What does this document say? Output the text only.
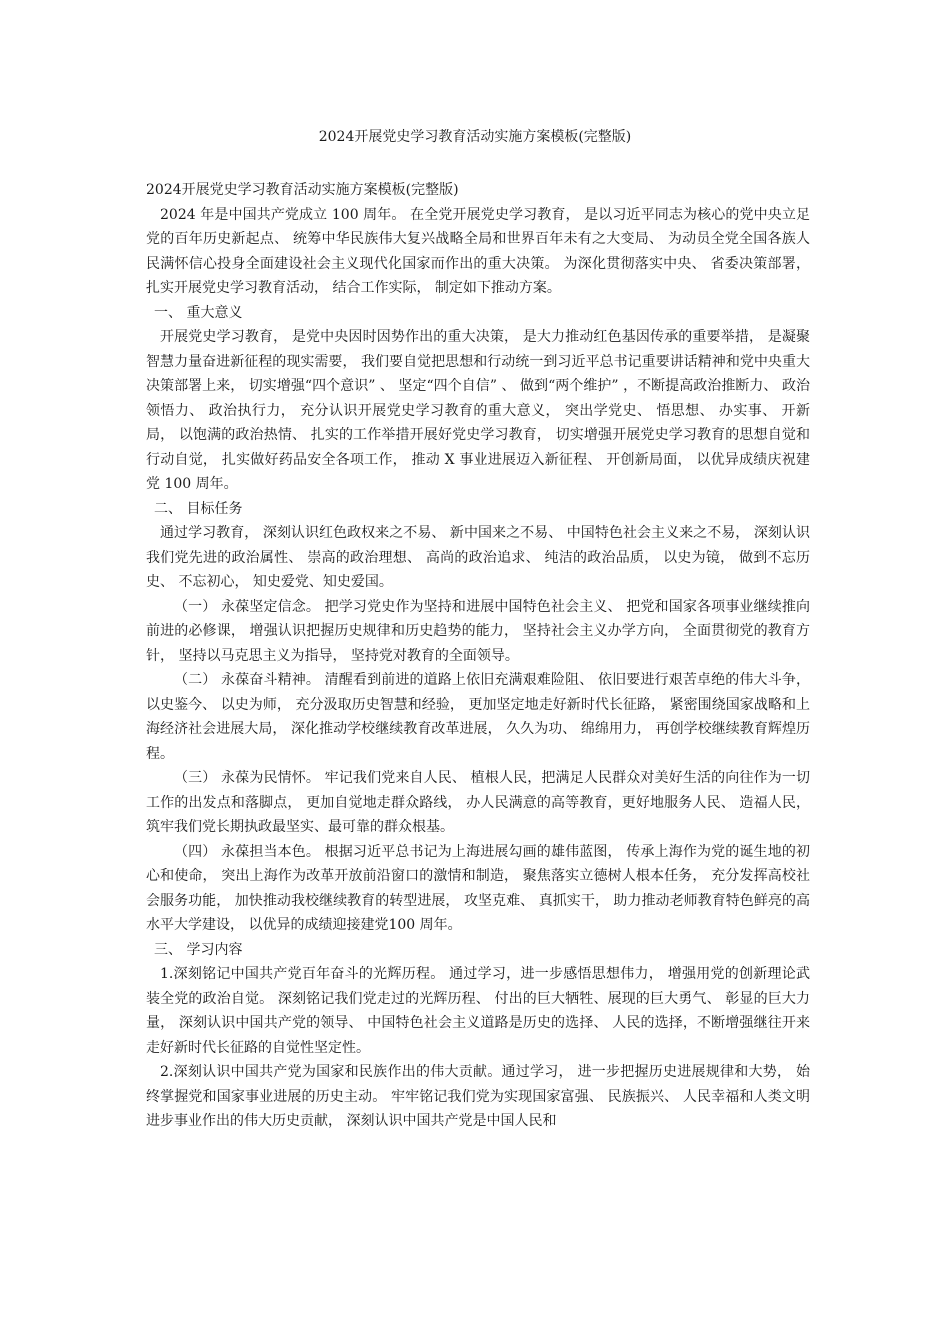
2024开展党史学习教育活动实施方案模板(完整版)

2024开展党史学习教育活动实施方案模板(完整版)

2024 年是中国共产党成立 100 周年。 在全党开展党史学习教育， 是以习近平同志为核心的党中央立足党的百年历史新起点、 统筹中华民族伟大复兴战略全局和世界百年未有之大变局、 为动员全党全国各族人民满怀信心投身全面建设社会主义现代化国家而作出的重大决策。 为深化贯彻落实中央、 省委决策部署， 扎实开展党史学习教育活动， 结合工作实际， 制定如下推动方案。

一、 重大意义

开展党史学习教育， 是党中央因时因势作出的重大决策， 是大力推动红色基因传承的重要举措， 是凝聚智慧力量奋进新征程的现实需要， 我们要自觉把思想和行动统一到习近平总书记重要讲话精神和党中央重大决策部署上来， 切实增强“四个意识” 、 坚定“四个自信” 、 做到“两个维护” ，不断提高政治推断力、 政治领悟力、 政治执行力， 充分认识开展党史学习教育的重大意义， 突出学党史、 悟思想、 办实事、 开新局， 以饱满的政治热情、 扎实的工作举措开展好党史学习教育， 切实增强开展党史学习教育的思想自觉和行动自觉， 扎实做好药品安全各项工作， 推动 X 事业进展迈入新征程、 开创新局面， 以优异成绩庆祝建党 100 周年。

二、 目标任务

通过学习教育， 深刻认识红色政权来之不易、 新中国来之不易、 中国特色社会主义来之不易， 深刻认识我们党先进的政治属性、 崇高的政治理想、 高尚的政治追求、 纯洁的政治品质， 以史为镜， 做到不忘历史、 不忘初心， 知史爱党、知史爱国。

（一） 永葆坚定信念。 把学习党史作为坚持和进展中国特色社会主义、 把党和国家各项事业继续推向前进的必修课， 增强认识把握历史规律和历史趋势的能力， 坚持社会主义办学方向， 全面贯彻党的教育方针， 坚持以马克思主义为指导， 坚持党对教育的全面领导。

（二） 永葆奋斗精神。 清醒看到前进的道路上依旧充满艰难险阻、 依旧要进行艰苦卓绝的伟大斗争， 以史鉴今、 以史为师， 充分汲取历史智慧和经验， 更加坚定地走好新时代长征路， 紧密围绕国家战略和上海经济社会进展大局， 深化推动学校继续教育改革进展， 久久为功、 绵绵用力， 再创学校继续教育辉煌历程。

（三） 永葆为民情怀。 牢记我们党来自人民、 植根人民，把满足人民群众对美好生活的向往作为一切工作的出发点和落脚点， 更加自觉地走群众路线， 办人民满意的高等教育，更好地服务人民、 造福人民， 筑牢我们党长期执政最坚实、最可靠的群众根基。

（四） 永葆担当本色。 根据习近平总书记为上海进展勾画的雄伟蓝图， 传承上海作为党的诞生地的初心和使命， 突出上海作为改革开放前沿窗口的激情和制造， 聚焦落实立德树人根本任务， 充分发挥高校社会服务功能， 加快推动我校继续教育的转型进展， 攻坚克难、 真抓实干， 助力推动老师教育特色鲜亮的高水平大学建设， 以优异的成绩迎接建党100 周年。

三、 学习内容

1.深刻铭记中国共产党百年奋斗的光辉历程。 通过学习，进一步感悟思想伟力， 增强用党的创新理论武装全党的政治自觉。 深刻铭记我们党走过的光辉历程、 付出的巨大牺牲、展现的巨大勇气、 彰显的巨大力量， 深刻认识中国共产党的领导、 中国特色社会主义道路是历史的选择、 人民的选择，不断增强继往开来走好新时代长征路的自觉性坚定性。

2.深刻认识中国共产党为国家和民族作出的伟大贡献。通过学习， 进一步把握历史进展规律和大势， 始终掌握党和国家事业进展的历史主动。 牢牢铭记我们党为实现国家富强、 民族振兴、 人民幸福和人类文明进步事业作出的伟大历史贡献， 深刻认识中国共产党是中国人民和
